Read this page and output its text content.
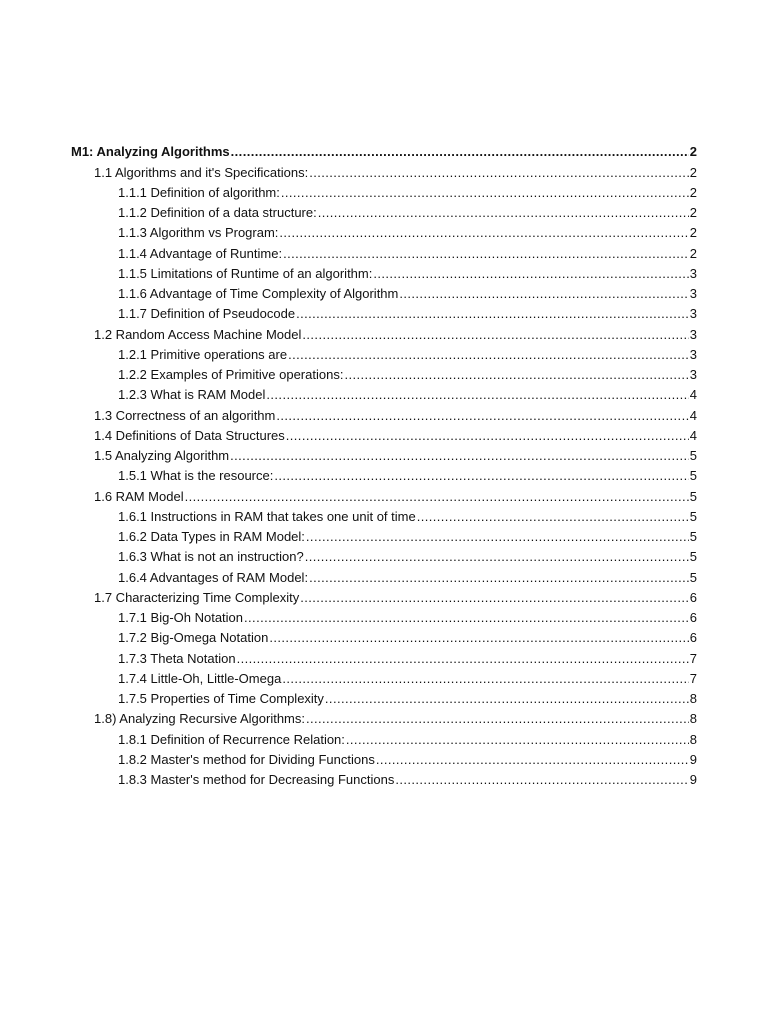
M1: Analyzing Algorithms .....	2
1.1 Algorithms and it's Specifications: .....	2
1.1.1 Definition of algorithm: .....	2
1.1.2 Definition of a data structure: .....	2
1.1.3 Algorithm vs Program: .....	2
1.1.4 Advantage of Runtime: .....	2
1.1.5 Limitations of Runtime of an algorithm: .....	3
1.1.6 Advantage of Time Complexity of Algorithm .....	3
1.1.7 Definition of Pseudocode .....	3
1.2 Random Access Machine Model .....	3
1.2.1 Primitive operations are .....	3
1.2.2 Examples of Primitive operations: .....	3
1.2.3 What is RAM Model .....	4
1.3 Correctness of an algorithm .....	4
1.4 Definitions of Data Structures .....	4
1.5 Analyzing Algorithm .....	5
1.5.1 What is the resource: .....	5
1.6 RAM Model .....	5
1.6.1 Instructions in RAM that takes one unit of time .....	5
1.6.2 Data Types in RAM Model: .....	5
1.6.3 What is not an instruction? .....	5
1.6.4 Advantages of RAM Model: .....	5
1.7 Characterizing Time Complexity .....	6
1.7.1 Big-Oh Notation .....	6
1.7.2 Big-Omega Notation .....	6
1.7.3 Theta Notation .....	7
1.7.4 Little-Oh, Little-Omega .....	7
1.7.5 Properties of Time Complexity .....	8
1.8) Analyzing Recursive Algorithms: .....	8
1.8.1 Definition of Recurrence Relation: .....	8
1.8.2 Master's method for Dividing Functions .....	9
1.8.3 Master's method for Decreasing Functions .....	9
